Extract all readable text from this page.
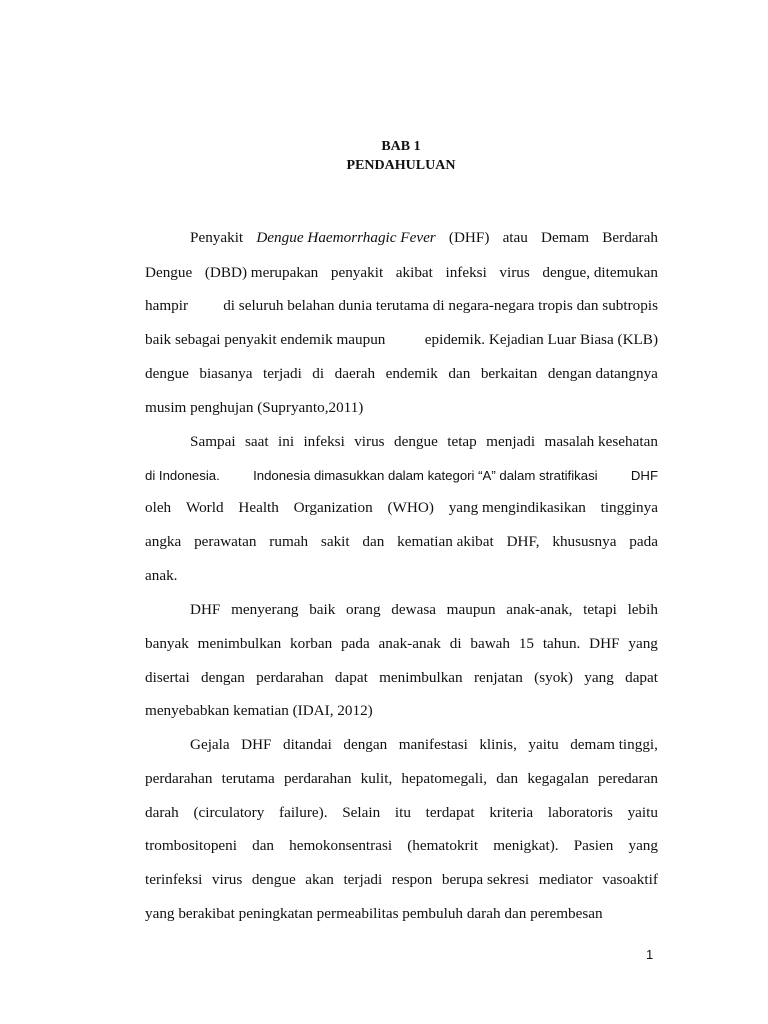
BAB 1
PENDAHULUAN
Penyakit Dengue Haemorrhagic Fever (DHF) atau Demam Berdarah
Dengue (DBD) merupakan penyakit akibat infeksi virus dengue, ditemukan
hampir di seluruh belahan dunia terutama di negara-negara tropis dan subtropis
baik sebagai penyakit endemik maupun	epidemik. Kejadian Luar Biasa (KLB)
dengue biasanya terjadi di daerah endemik dan berkaitan dengan datangnya
musim penghujan (Supryanto,2011)
Sampai saat ini infeksi virus dengue tetap menjadi masalah kesehatan
di Indonesia.	Indonesia dimasukkan dalam kategori “A” dalam stratifikasi	DHF
oleh World Health Organization (WHO) yang mengindikasikan tingginya
angka perawatan rumah sakit dan kematian akibat DHF, khususnya pada
anak.
DHF menyerang baik orang dewasa maupun anak-anak, tetapi lebih
banyak menimbulkan korban pada anak-anak di bawah 15 tahun. DHF yang
disertai dengan perdarahan dapat menimbulkan renjatan (syok) yang dapat
menyebabkan kematian (IDAI, 2012)
Gejala DHF ditandai dengan manifestasi klinis, yaitu demam tinggi,
perdarahan terutama perdarahan kulit, hepatomegali, dan kegagalan peredaran
darah (circulatory failure). Selain itu terdapat kriteria laboratoris yaitu
trombositopeni dan hemokonsentrasi (hematokrit menigkat). Pasien yang
terinfeksi virus dengue akan terjadi respon berupa sekresi mediator vasoaktif
yang berakibat peningkatan permeabilitas pembuluh darah dan perembesan
1
